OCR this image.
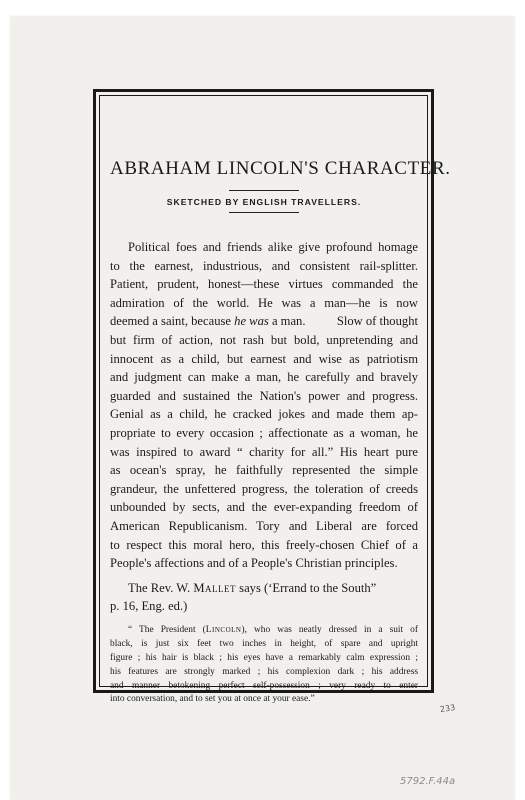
ABRAHAM LINCOLN'S CHARACTER.
SKETCHED BY ENGLISH TRAVELLERS.
Political foes and friends alike give profound homage
to the earnest, industrious, and consistent rail-splitter.
Patient, prudent, honest—these virtues commanded the
admiration of the world. He was a man—he is now
deemed a saint, because he was a man. Slow of thought
but firm of action, not rash but bold, unpretending and
innocent as a child, but earnest and wise as patriotism
and judgment can make a man, he carefully and bravely
guarded and sustained the Nation's power and progress.
Genial as a child, he cracked jokes and made them ap-
propriate to every occasion ; affectionate as a woman, he
was inspired to award “ charity for all.” His heart pure
as ocean's spray, he faithfully represented the simple
grandeur, the unfettered progress, the toleration of creeds
unbounded by sects, and the ever-expanding freedom of
American Republicanism. Tory and Liberal are forced
to respect this moral hero, this freely-chosen Chief of a
People's affections and of a People's Christian principles.
The Rev. W. Mallet says (‘Errand to the South”
p. 16, Eng. ed.)
“ The President (Lincoln), who was neatly dressed in a suit of
black, is just six feet two inches in height, of spare and upright
figure ; his hair is black ; his eyes have a remarkably calm expression ;
his features are strongly marked ; his complexion dark ; his address
and manner betokening perfect self-possession ; very ready to enter
into conversation, and to set you at once at your ease.”
233
5792.F.44a
